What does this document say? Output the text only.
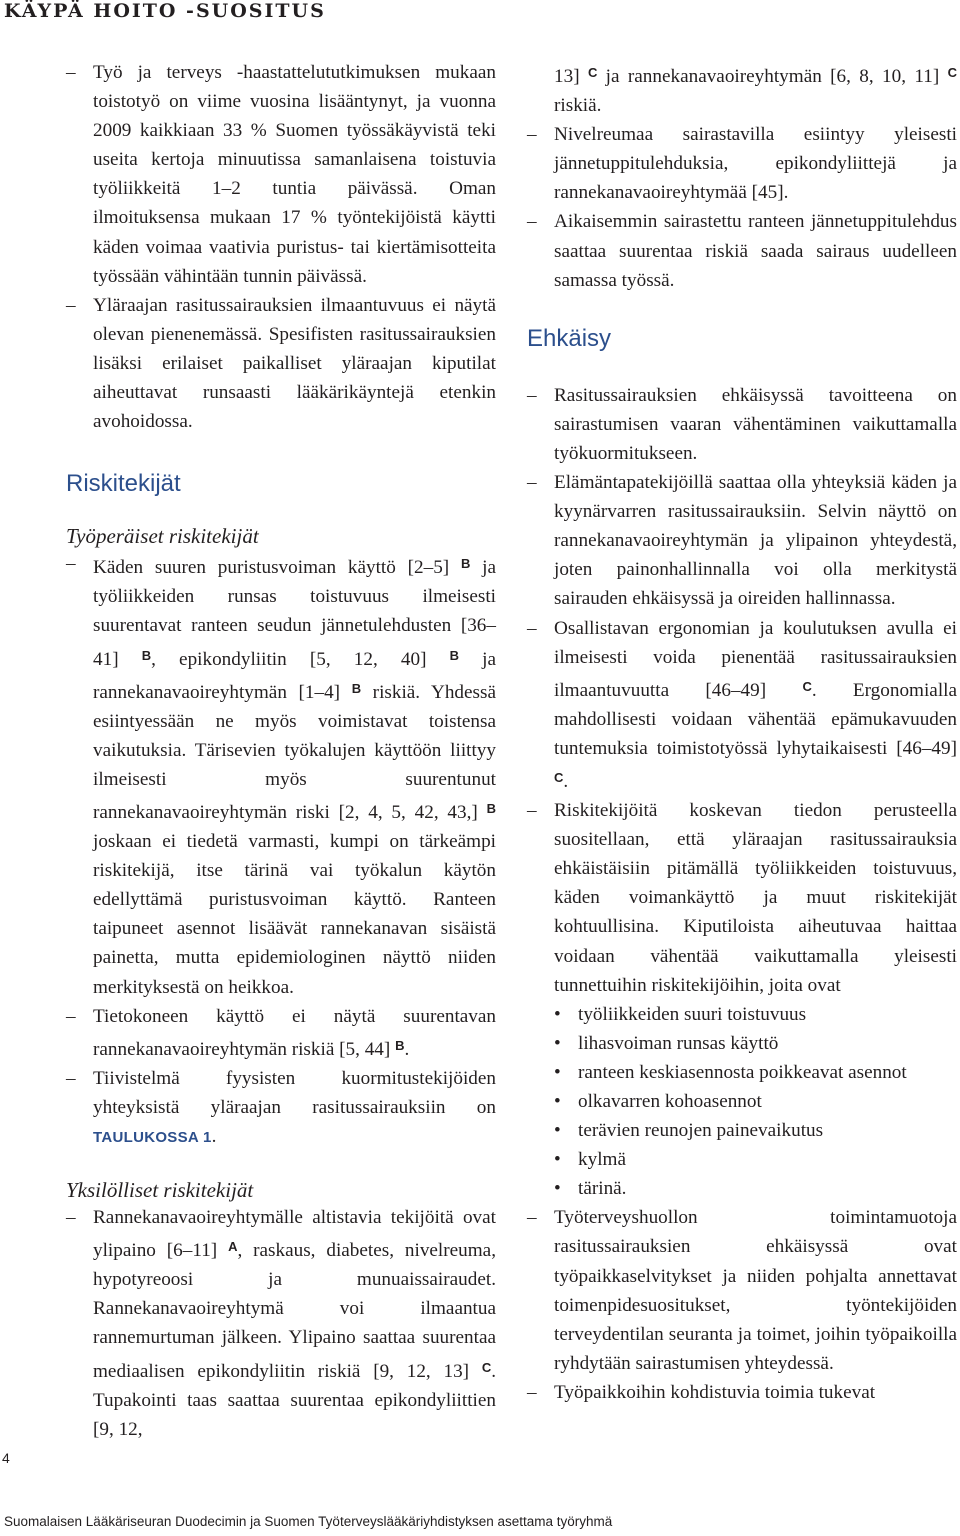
KÄYPÄ HOITO -SUOSITUS

– Työ ja terveys -haastattelututkimuksen mukaan toistotyö on viime vuosina lisääntynyt, ja vuonna 2009 kaikkiaan 33 % Suomen työssäkäyvistä teki useita kertoja minuutissa samanlaisena toistuvia työliikkeitä 1–2 tuntia päivässä. Oman ilmoituksensa mukaan 17 % työntekijöistä käytti käden voimaa vaativia puristus- tai kiertämisotteita työssään vähintään tunnin päivässä.

– Yläraajan rasitussairauksien ilmaantuvuus ei näytä olevan pienenemässä. Spesifisten rasitussairauksien lisäksi erilaiset paikalliset yläraajan kiputilat aiheuttavat runsaasti lääkärikäyntejä etenkin avohoidossa.

Riskitekijät
Työperäiset riskitekijät

– Käden suuren puristusvoiman käyttö [2–5] $^B$ ja työliikkeiden runsas toistuvuus ilmeisesti suurentavat ranteen seudun jännetulehdusten [36–41] $^B$, epikondyliitin [5, 12, 40] $^B$ ja rannekanavaoireyhtymän [1–4] $^B$ riskiä. Yhdessä esiintyessään ne myös voimistavat toistensa vaikutuksia. Tärisevien työkalujen käyttöön liittyy ilmeisesti myös suurentunut rannekanavaoireyhtymän riski [2, 4, 5, 42, 43,] $^B$ joskaan ei tiedetä varmasti, kumpi on tärkeämpi riskitekijä, itse tärinä vai työkalun käytön edellyttämä puristusvoiman käyttö. Ranteen taipuneet asennot lisäävät rannekanavan sisäistä painetta, mutta epidemiologinen näyttö niiden merkityksestä on heikkoa.

– Tietokoneen käyttö ei näytä suurentavan rannekanavaoireyhtymän riskiä [5, 44] $^B$.

– Tiivistelmä fyysisten kuormitustekijöiden yhteyksistä yläraajan rasitussairauksiin on TAULUKOSSA 1.

Yksilölliset riskitekijät

– Rannekanavaoireyhtymälle altistavia tekijöitä ovat ylipaino [6–11] $^A$, raskaus, diabetes, nivelreuma, hypotyreoosi ja munuaissairaudet. Rannekanavaoireyhtymä voi ilmaantua rannemurtuman jälkeen. Ylipaino saattaa suurentaa mediaalisen epikondyliitin riskiä [9, 12, 13] $^C$. Tupakointi taas saattaa suurentaa epikondyliittien [9, 12,

13] $^C$ ja rannekanavaoireyhtymän [6, 8, 10, 11] $^C$ riskiä.

– Nivelreumaa sairastavilla esiintyy yleisesti jännetuppitulehduksia, epikondyliittejä ja rannekanavaoireyhtymää [45].

– Aikaisemmin sairastettu ranteen jännetuppitulehdus saattaa suurentaa riskiä saada sairaus uudelleen samassa työssä.

Ehkäisy

– Rasitussairauksien ehkäisyssä tavoitteena on sairastumisen vaaran vähentäminen vaikuttamalla työkuormitukseen.

– Elämäntapatekijöillä saattaa olla yhteyksiä käden ja kyynärvarren rasitussairauksiin. Selvin näyttö on rannekanavaoireyhtymän ja ylipainon yhteydestä, joten painonhallinnalla voi olla merkitystä sairauden ehkäisyssä ja oireiden hallinnassa.

– Osallistavan ergonomian ja koulutuksen avulla ei ilmeisesti voida pienentää rasitussairauksien ilmaantuvuutta [46–49]	$^C$. Ergonomialla mahdollisesti voidaan vähentää epämukavuuden tuntemuksia toimistotyössä lyhytaikaisesti [46–49] $^C$.

– Riskitekijöitä koskevan tiedon perusteella suositellaan, että yläraajan rasitussairauksia ehkäistäisiin pitämällä työliikkeiden toistuvuus, käden voimankäyttö ja muut riskitekijät kohtuullisina. Kiputiloista aiheutuvaa haittaa voidaan vähentää vaikuttamalla yleisesti tunnettuihin riskitekijöihin, joita ovat

• työliikkeiden suuri toistuvuus

• lihasvoiman runsas käyttö

• ranteen keskiasennosta poikkeavat asennot

• olkavarren kohoasennot

• terävien reunojen painevaikutus

• kylmä

• tärinä.

– Työterveyshuollon toimintamuotoja rasitussairauksien ehkäisyssä ovat työpaikkaselvitykset ja niiden pohjalta annettavat toimenpidesuositukset, työntekijöiden terveydentilan seuranta ja toimet, joihin työpaikoilla ryhdytään sairastumisen yhteydessä.

– Työpaikkoihin kohdistuvia toimia tukevat

4
Suomalaisen Lääkäriseuran Duodecimin ja Suomen Työterveyslääkäriyhdistyksen asettama työryhmä
